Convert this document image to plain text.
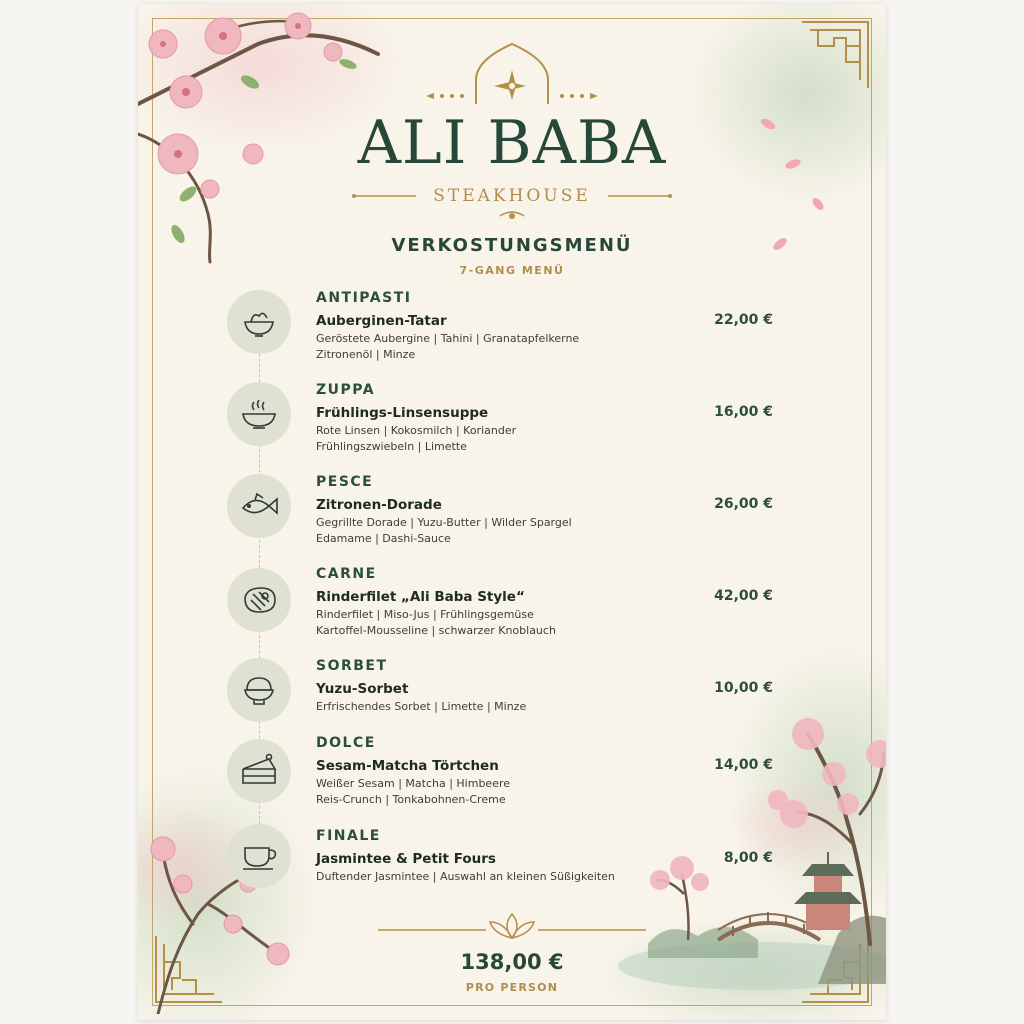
ALI BABA
STEAKHOUSE
VERKOSTUNGSMENÜ
7-GANG MENÜ
ANTIPASTI
Auberginen-Tatar	22,00 €
Geröstete Aubergine | Tahini | Granatapfelkerne
Zitronenöl | Minze
ZUPPA
Frühlings-Linsensuppe	16,00 €
Rote Linsen | Kokosmilch | Koriander
Frühlingszwiebeln | Limette
PESCE
Zitronen-Dorade	26,00 €
Gegrillte Dorade | Yuzu-Butter | Wilder Spargel
Edamame | Dashi-Sauce
CARNE
Rinderfilet „Ali Baba Style“	42,00 €
Rinderfilet | Miso-Jus | Frühlingsgemüse
Kartoffel-Mousseline | schwarzer Knoblauch
SORBET
Yuzu-Sorbet	10,00 €
Erfrischendes Sorbet | Limette | Minze
DOLCE
Sesam-Matcha Törtchen	14,00 €
Weißer Sesam | Matcha | Himbeere
Reis-Crunch | Tonkabohnen-Creme
FINALE
Jasmintee & Petit Fours	8,00 €
Duftender Jasmintee | Auswahl an kleinen Süßigkeiten
138,00 €
PRO PERSON
